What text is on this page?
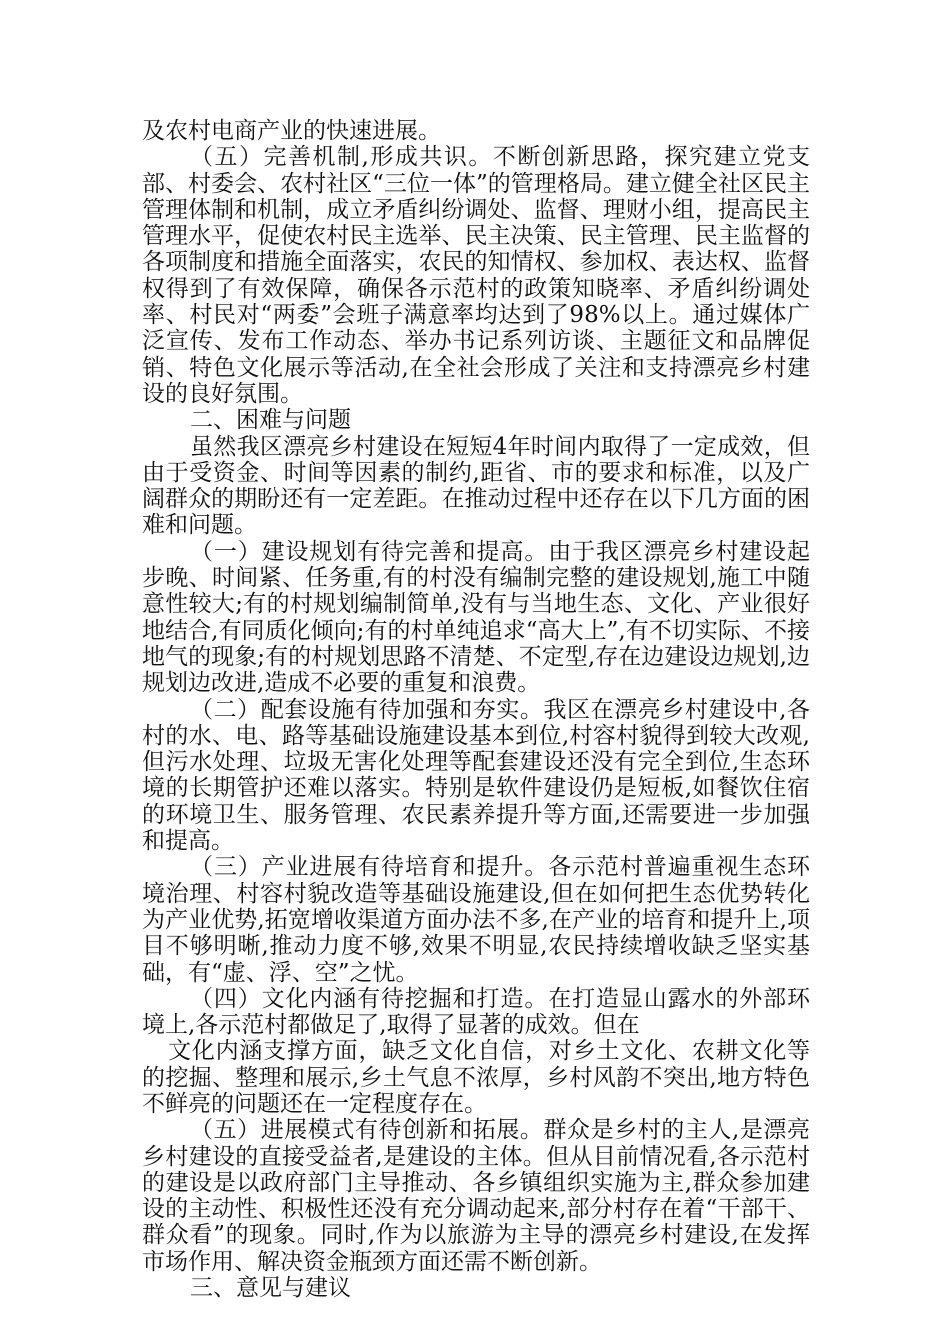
及农村电商产业的快速进展。

（五）完善机制,形成共识。不断创新思路，探究建立党支部、村委会、农村社区“三位一体”的管理格局。建立健全社区民主管理体制和机制，成立矛盾纠纷调处、监督、理财小组，提高民主管理水平，促使农村民主选举、民主决策、民主管理、民主监督的各项制度和措施全面落实，农民的知情权、参加权、表达权、监督权得到了有效保障，确保各示范村的政策知晓率、矛盾纠纷调处率、村民对“两委”会班子满意率均达到了98%以上。通过媒体广泛宣传、发布工作动态、举办书记系列访谈、主题征文和品牌促销、特色文化展示等活动,在全社会形成了关注和支持漂亮乡村建设的良好氛围。

二、困难与问题

虽然我区漂亮乡村建设在短短4年时间内取得了一定成效，但由于受资金、时间等因素的制约,距省、市的要求和标准，以及广阔群众的期盼还有一定差距。在推动过程中还存在以下几方面的困难和问题。

（一）建设规划有待完善和提高。由于我区漂亮乡村建设起步晚、时间紧、任务重,有的村没有编制完整的建设规划,施工中随意性较大;有的村规划编制简单,没有与当地生态、文化、产业很好地结合,有同质化倾向;有的村单纯追求“高大上”,有不切实际、不接地气的现象;有的村规划思路不清楚、不定型,存在边建设边规划,边规划边改进,造成不必要的重复和浪费。

（二）配套设施有待加强和夯实。我区在漂亮乡村建设中,各村的水、电、路等基础设施建设基本到位,村容村貌得到较大改观,但污水处理、垃圾无害化处理等配套建设还没有完全到位,生态环境的长期管护还难以落实。特别是软件建设仍是短板,如餐饮住宿的环境卫生、服务管理、农民素养提升等方面,还需要进一步加强和提高。

（三）产业进展有待培育和提升。各示范村普遍重视生态环境治理、村容村貌改造等基础设施建设,但在如何把生态优势转化为产业优势,拓宽增收渠道方面办法不多,在产业的培育和提升上,项目不够明晰,推动力度不够,效果不明显,农民持续增收缺乏坚实基础，有“虚、浮、空”之忧。

（四）文化内涵有待挖掘和打造。在打造显山露水的外部环境上,各示范村都做足了,取得了显著的成效。但在

文化内涵支撑方面，缺乏文化自信，对乡土文化、农耕文化等的挖掘、整理和展示,乡土气息不浓厚，乡村风韵不突出,地方特色不鲜亮的问题还在一定程度存在。

（五）进展模式有待创新和拓展。群众是乡村的主人,是漂亮乡村建设的直接受益者,是建设的主体。但从目前情况看,各示范村的建设是以政府部门主导推动、各乡镇组织实施为主,群众参加建设的主动性、积极性还没有充分调动起来,部分村存在着“干部干、群众看”的现象。同时,作为以旅游为主导的漂亮乡村建设,在发挥市场作用、解决资金瓶颈方面还需不断创新。

三、意见与建议
